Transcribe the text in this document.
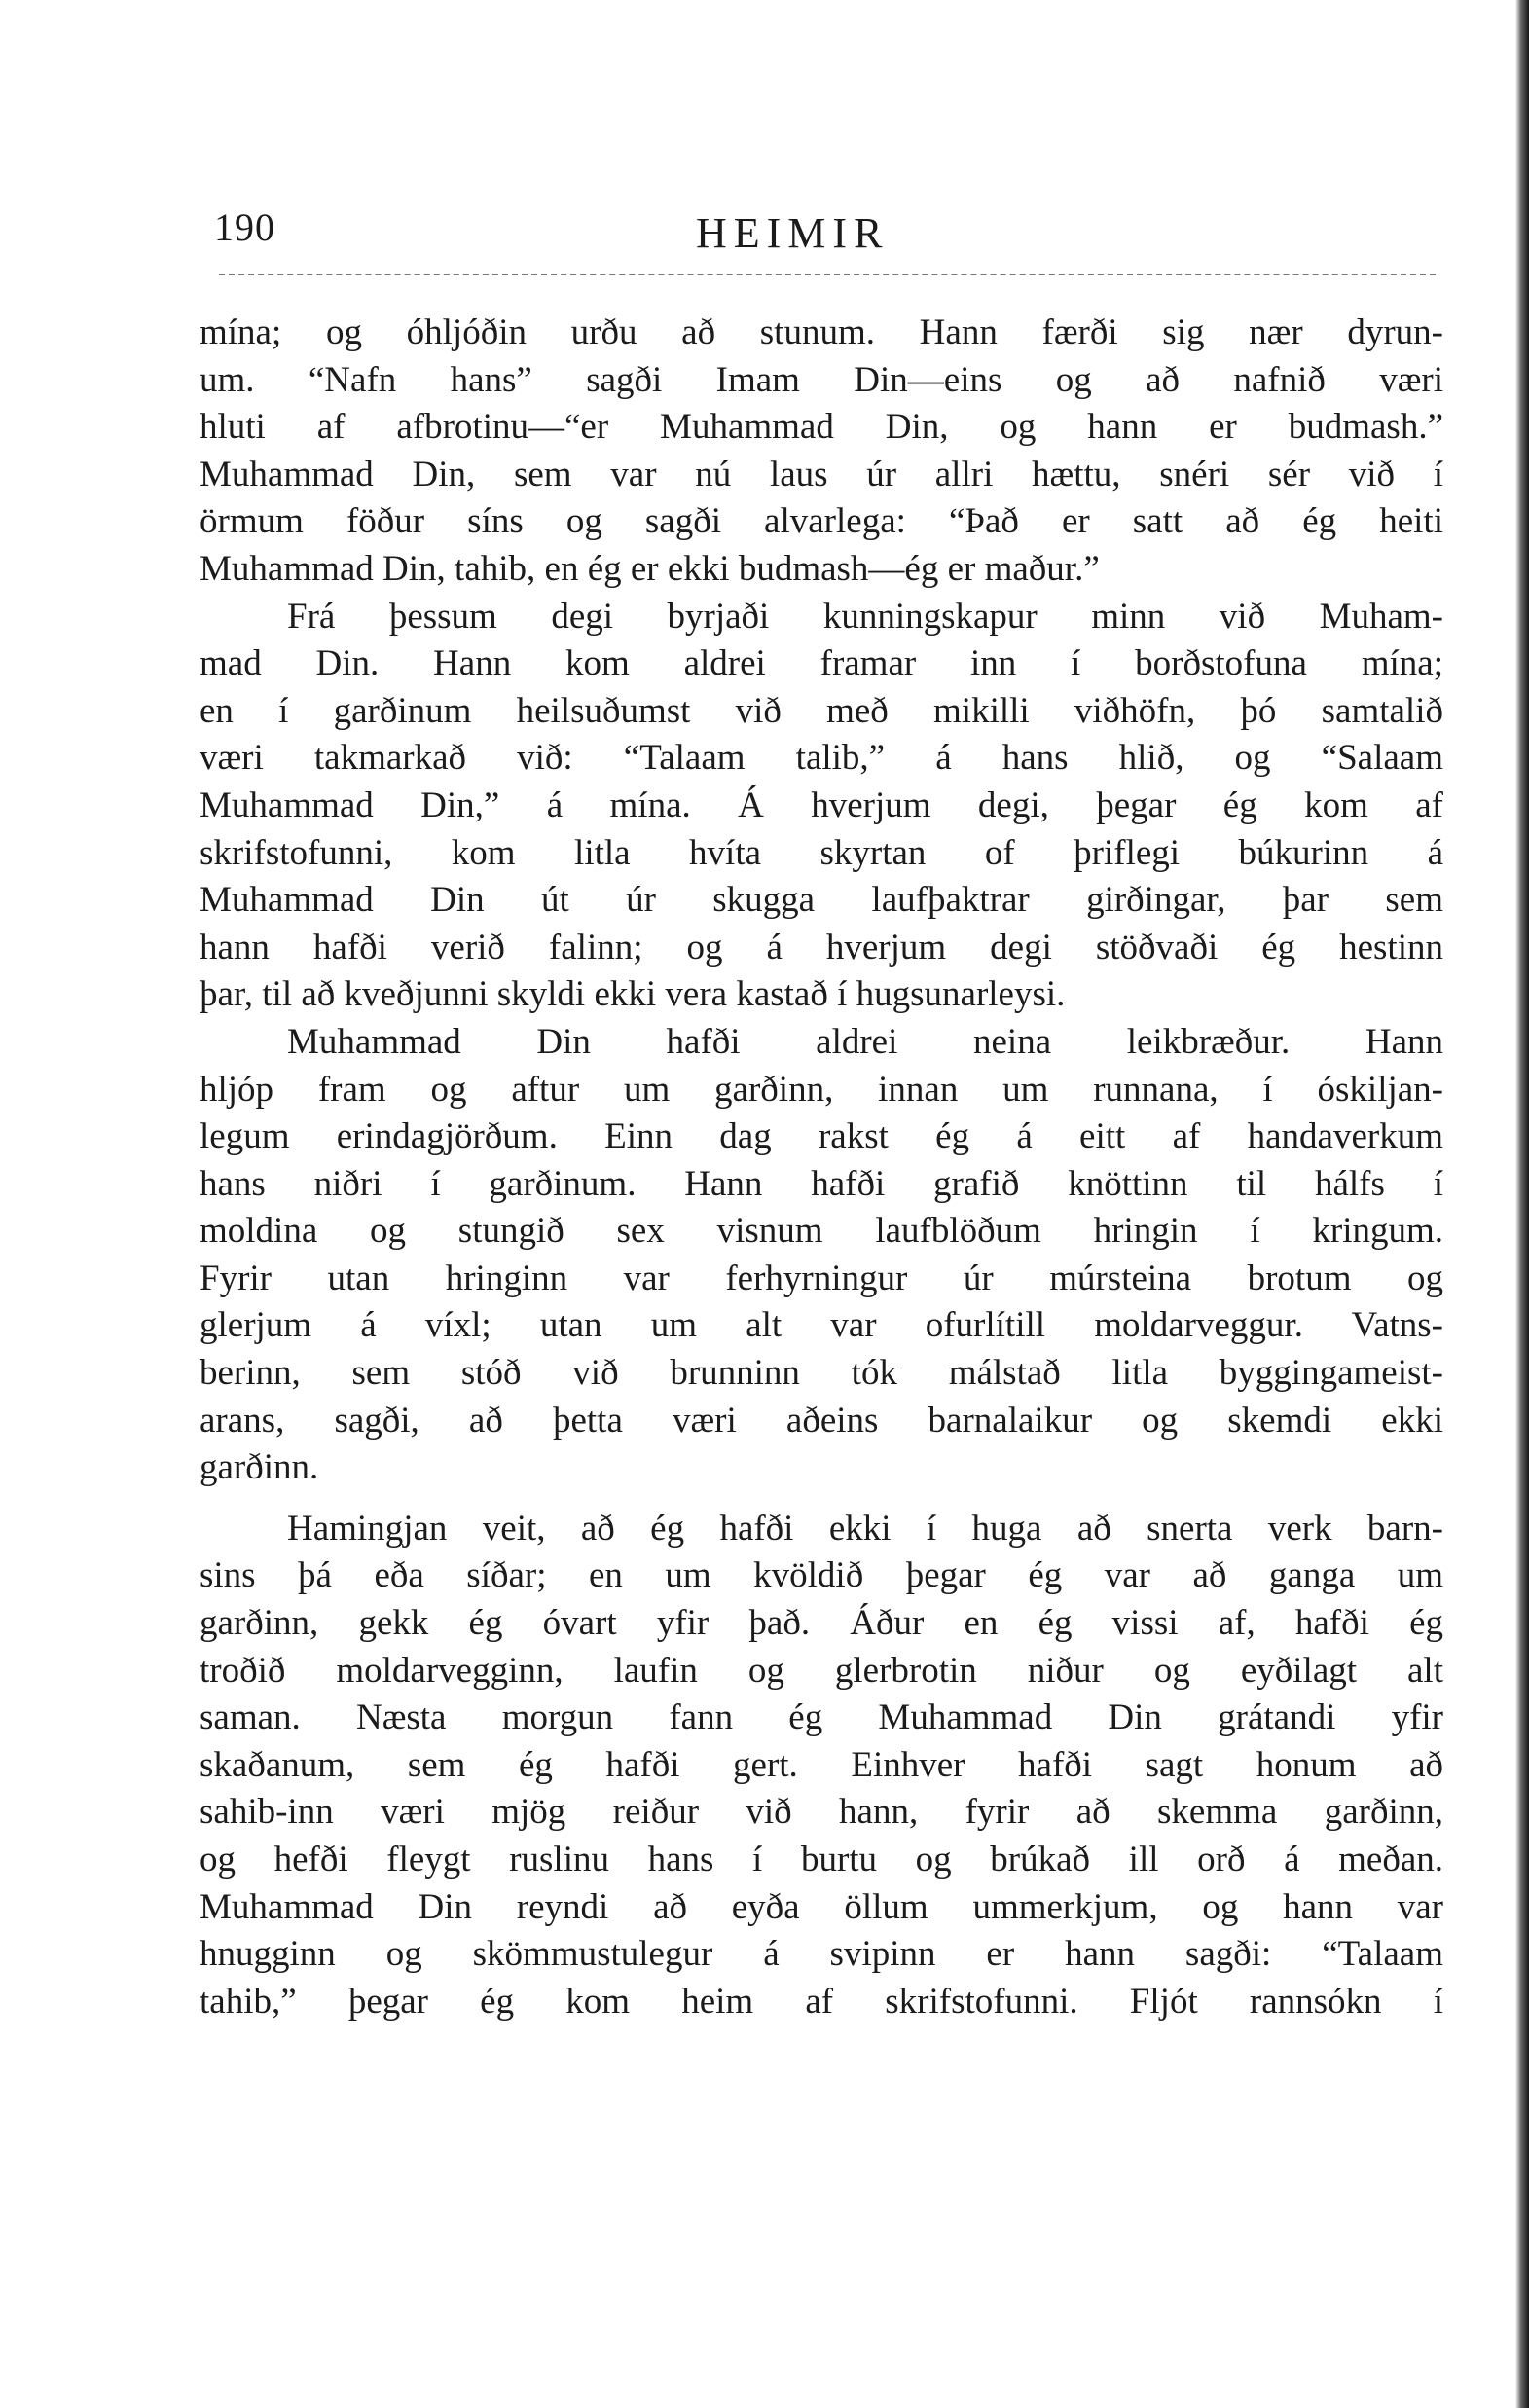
190	HEIMIR
mína; og óhljóðin urðu að stunum. Hann færði sig nær dyrun-
um. “Nafn hans” sagði Imam Din—eins og að nafnið væri
hluti af afbrotinu—“er Muhammad Din, og hann er budmash.”
Muhammad Din, sem var nú laus úr allri hættu, snéri sér við í
örmum föður síns og sagði alvarlega: “Það er satt að ég heiti
Muhammad Din, tahib, en ég er ekki budmash—ég er maður.”
Frá þessum degi byrjaði kunningskapur minn við Muham-
mad Din. Hann kom aldrei framar inn í borðstofuna mína;
en í garðinum heilsuðumst við með mikilli viðhöfn, þó samtalið
væri takmarkað við: “Talaam talib,” á hans hlið, og “Salaam
Muhammad Din,” á mína. Á hverjum degi, þegar ég kom af
skrifstofunni, kom litla hvíta skyrtan of þriflegi búkurinn á
Muhammad Din út úr skugga laufþaktrar girðingar, þar sem
hann hafði verið falinn; og á hverjum degi stöðvaði ég hestinn
þar, til að kveðjunni skyldi ekki vera kastað í hugsunarleysi.
Muhammad Din hafði aldrei neina leikbræður. Hann
hljóp fram og aftur um garðinn, innan um runnana, í óskiljan-
legum erindagjörðum. Einn dag rakst ég á eitt af handaverkum
hans niðri í garðinum. Hann hafði grafið knöttinn til hálfs í
moldina og stungið sex visnum laufblöðum hringin í kringum.
Fyrir utan hringinn var ferhyrningur úr múrsteina brotum og
glerjum á víxl; utan um alt var ofurlítill moldarveggur. Vatns-
berinn, sem stóð við brunninn tók málstað litla byggingameist-
arans, sagði, að þetta væri aðeins barnalaikur og skemdi ekki
garðinn.
Hamingjan veit, að ég hafði ekki í huga að snerta verk barn-
sins þá eða síðar; en um kvöldið þegar ég var að ganga um
garðinn, gekk ég óvart yfir það. Áður en ég vissi af, hafði ég
troðið moldarvegginn, laufin og glerbrotin niður og eyðilagt alt
saman. Næsta morgun fann ég Muhammad Din grátandi yfir
skaðanum, sem ég hafði gert. Einhver hafði sagt honum að
sahib-inn væri mjög reiður við hann, fyrir að skemma garðinn,
og hefði fleygt ruslinu hans í burtu og brúkað ill orð á meðan.
Muhammad Din reyndi að eyða öllum ummerkjum, og hann var
hnugginn og skömmustulegur á svipinn er hann sagði: “Talaam
tahib,” þegar ég kom heim af skrifstofunni. Fljót rannsókn í
